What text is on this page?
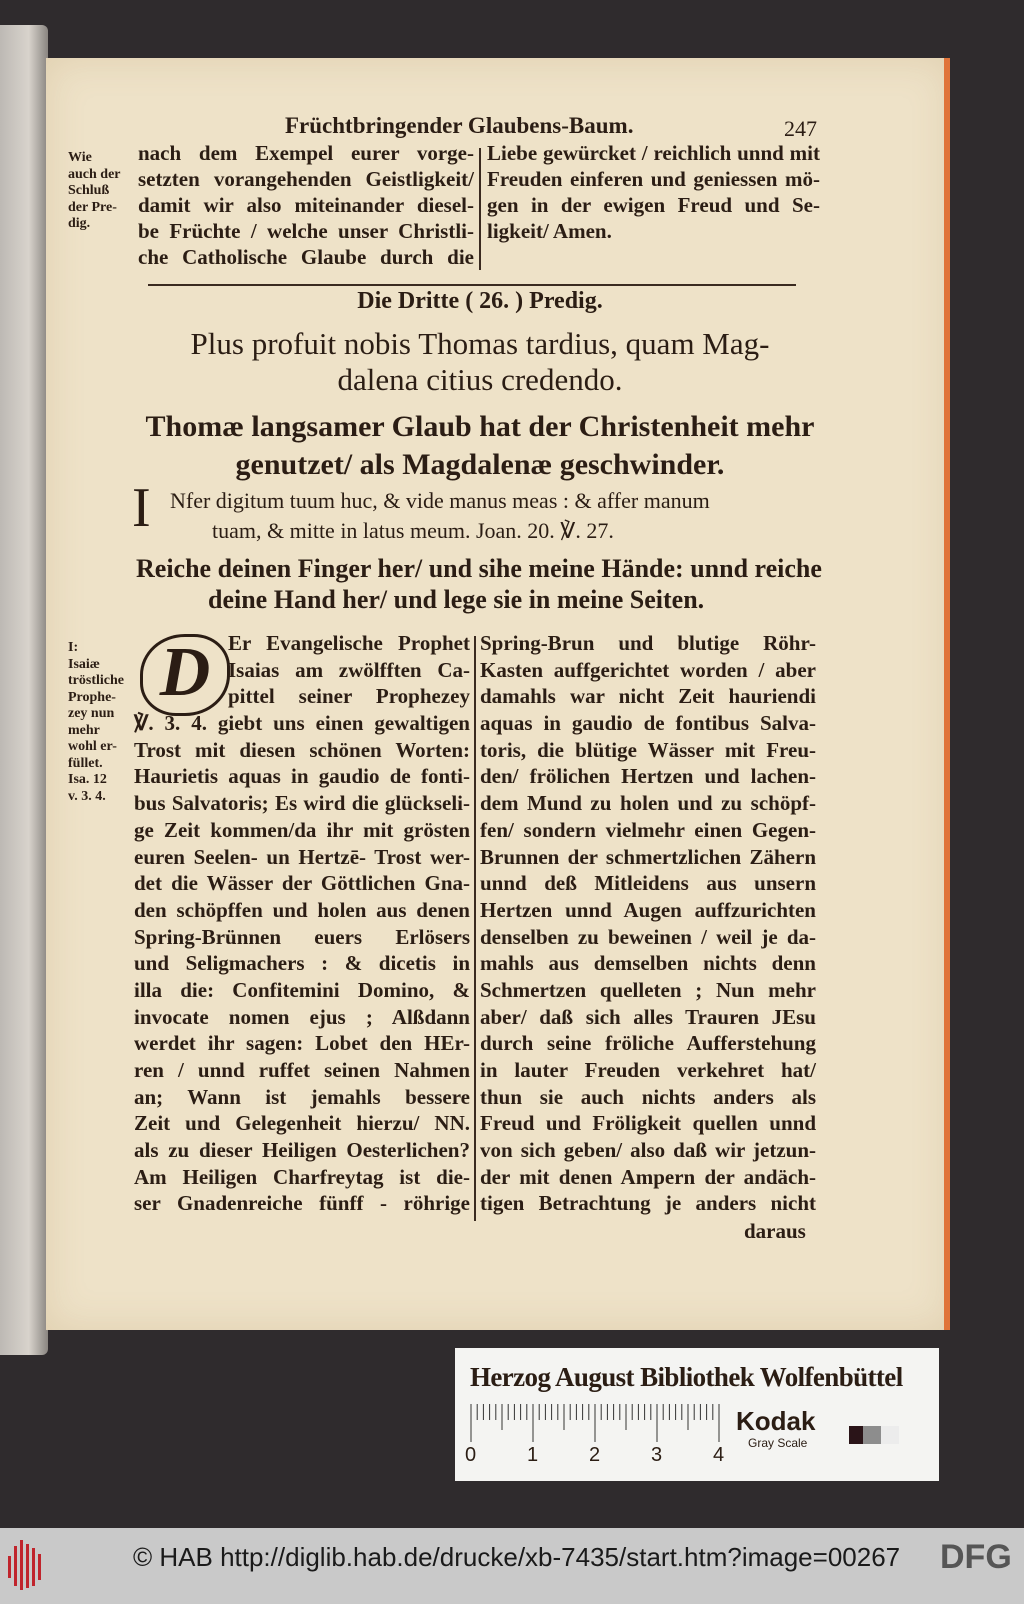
Früchtbringender Glaubens-Baum.	247
Wie
auch der
Schluß
der Pre-
dig.
nach dem Exempel eurer vorge-
setzten vorangehenden Geistligkeit/
damit wir also miteinander diesel-
be Früchte / welche unser Christli-
che Catholische Glaube durch die
Liebe gewürcket / reichlich unnd mit
Freuden einferen und geniessen mö-
gen in der ewigen Freud und Se-
ligkeit/ Amen.
Die Dritte ( 26. ) Predig.
Plus profuit nobis Thomas tardius, quam Mag-
dalena citius credendo.
Thomæ langsamer Glaub hat der Christenheit mehr
genutzet/ als Magdalenæ geschwinder.
I Nfer digitum tuum huc, & vide manus meas : & affer manum
tuam, & mitte in latus meum. Joan. 20. ℣. 27.
Reiche deinen Finger her/ und sihe meine Hände: unnd reiche
deine Hand her/ und lege sie in meine Seiten.
D
I:
Isaiæ
tröstliche
Prophe-
zey nun
mehr
wohl er-
füllet.
Isa. 12
v. 3. 4.
Er Evangelische Prophet
Isaias am zwölfften Ca-
pittel seiner Prophezey
℣. 3. 4. giebt uns einen gewaltigen
Trost mit diesen schönen Worten:
Haurietis aquas in gaudio de fonti-
bus Salvatoris; Es wird die glückseli-
ge Zeit kommen/da ihr mit grösten
euren Seelen- un Hertzē- Trost wer-
det die Wässer der Göttlichen Gna-
den schöpffen und holen aus denen
Spring-Brünnen euers Erlösers
und Seligmachers : & dicetis in
illa die: Confitemini Domino, &
invocate nomen ejus ; Alßdann
werdet ihr sagen: Lobet den HEr-
ren / unnd ruffet seinen Nahmen
an; Wann ist jemahls bessere
Zeit und Gelegenheit hierzu/ NN.
als zu dieser Heiligen Oesterlichen?
Am Heiligen Charfreytag ist die-
ser Gnadenreiche fünff - röhrige
Spring-Brun und blutige Röhr-
Kasten auffgerichtet worden / aber
damahls war nicht Zeit hauriendi
aquas in gaudio de fontibus Salva-
toris, die blütige Wässer mit Freu-
den/ frölichen Hertzen und lachen-
dem Mund zu holen und zu schöpf-
fen/ sondern vielmehr einen Gegen-
Brunnen der schmertzlichen Zähern
unnd deß Mitleidens aus unsern
Hertzen unnd Augen auffzurichten
denselben zu beweinen / weil je da-
mahls aus demselben nichts denn
Schmertzen quelleten ; Nun mehr
aber/ daß sich alles Trauren JEsu
durch seine fröliche Aufferstehung
in lauter Freuden verkehret hat/
thun sie auch nichts anders als
Freud und Fröligkeit quellen unnd
von sich geben/ also daß wir jetzun-
der mit denen Ampern der andäch-
tigen Betrachtung je anders nicht
daraus
Herzog August Bibliothek Wolfenbüttel
0	1	2	3	4
Kodak
Gray Scale
© HAB http://diglib.hab.de/drucke/xb-7435/start.htm?image=00267 DFG
